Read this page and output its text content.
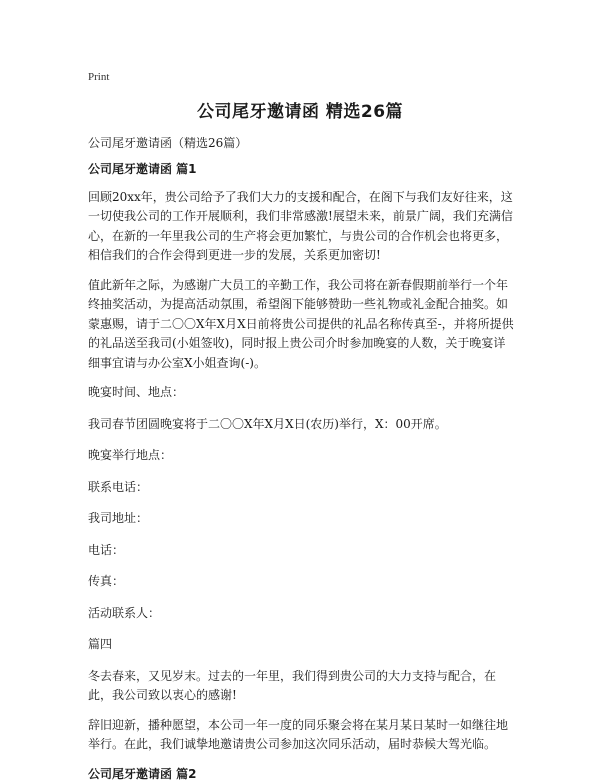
Print
公司尾牙邀请函 精选26篇
公司尾牙邀请函（精选26篇）

公司尾牙邀请函 篇1

回顾20xx年，贵公司给予了我们大力的支援和配合，在阁下与我们友好往来，这一切使我公司的工作开展顺利，我们非常感激!展望未来，前景广阔，我们充满信心，在新的一年里我公司的生产将会更加繁忙，与贵公司的合作机会也将更多，相信我们的合作会得到更进一步的发展，关系更加密切!

值此新年之际，为感谢广大员工的辛勤工作，我公司将在新春假期前举行一个年终抽奖活动，为提高活动氛围，希望阁下能够赞助一些礼物或礼金配合抽奖。如蒙惠赐，请于二〇〇X年X月X日前将贵公司提供的礼品名称传真至-，并将所提供的礼品送至我司(小姐签收)，同时报上贵公司介时参加晚宴的人数，关于晚宴详细事宜请与办公室X小姐查询(-)。

晚宴时间、地点：

我司春节团圆晚宴将于二〇〇X年X月X日(农历)举行，X：00开席。

晚宴举行地点：

联系电话：

我司地址：

电话：

传真：

活动联系人：

篇四

冬去春来，又见岁末。过去的一年里，我们得到贵公司的大力支持与配合，在此，我公司致以衷心的感谢!

辞旧迎新，播种愿望，本公司一年一度的同乐聚会将在某月某日某时一如继往地举行。在此，我们诚挚地邀请贵公司参加这次同乐活动，届时恭候大驾光临。

公司尾牙邀请函 篇2
